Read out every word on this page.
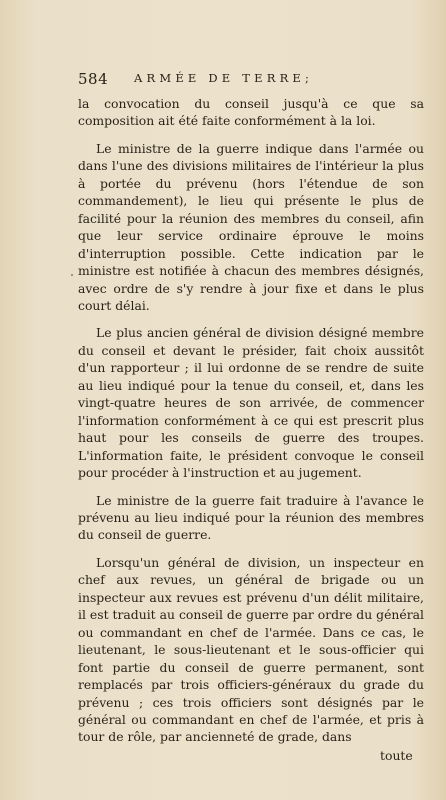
584 ARMÉE DE TERRE;

la convocation du conseil jusqu'à ce que sa composition ait été faite conformément à la loi.

Le ministre de la guerre indique dans l'armée ou dans l'une des divisions militaires de l'intérieur la plus à portée du prévenu (hors l'étendue de son commandement), le lieu qui présente le plus de facilité pour la réunion des membres du conseil, afin que leur service ordinaire éprouve le moins d'interruption possible. Cette indication par le ministre est notifiée à chacun des membres désignés, avec ordre de s'y rendre à jour fixe et dans le plus court délai.

Le plus ancien général de division désigné membre du conseil et devant le présider, fait choix aussitôt d'un rapporteur ; il lui ordonne de se rendre de suite au lieu indiqué pour la tenue du conseil, et, dans les vingt-quatre heures de son arrivée, de commencer l'information conformément à ce qui est prescrit plus haut pour les conseils de guerre des troupes. L'information faite, le président convoque le conseil pour procéder à l'instruction et au jugement.

Le ministre de la guerre fait traduire à l'avance le prévenu au lieu indiqué pour la réunion des membres du conseil de guerre.

Lorsqu'un général de division, un inspecteur en chef aux revues, un général de brigade ou un inspecteur aux revues est prévenu d'un délit militaire, il est traduit au conseil de guerre par ordre du général ou commandant en chef de l'armée. Dans ce cas, le lieutenant, le sous-lieutenant et le sous-officier qui font partie du conseil de guerre permanent, sont remplacés par trois officiers-généraux du grade du prévenu ; ces trois officiers sont désignés par le général ou commandant en chef de l'armée, et pris à tour de rôle, par ancienneté de grade, dans

toute
